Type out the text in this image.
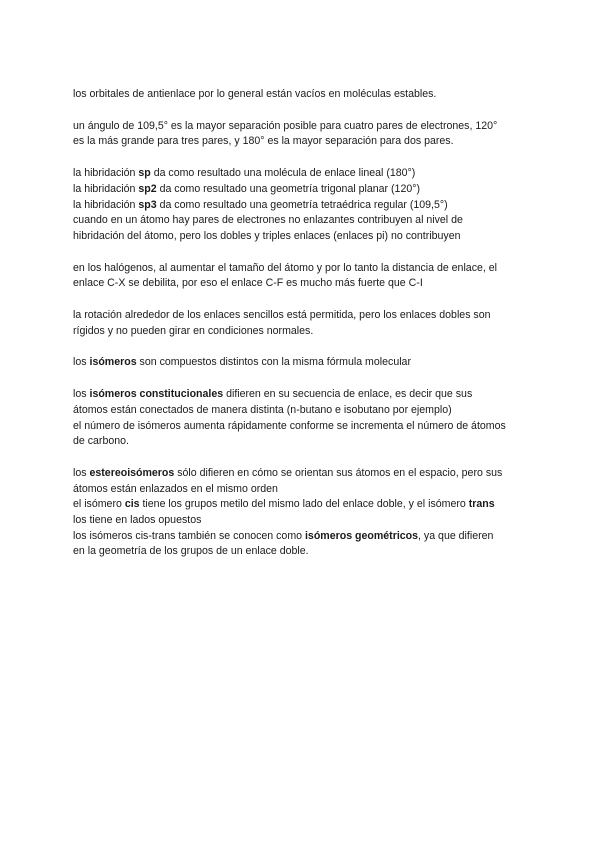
los orbitales de antienlace por lo general están vacíos en moléculas estables.

un ángulo de 109,5° es la mayor separación posible para cuatro pares de electrones, 120°
es la más grande para tres pares, y 180° es la mayor separación para dos pares.

la hibridación sp da como resultado una molécula de enlace lineal (180°)
la hibridación sp2 da como resultado una geometría trigonal planar (120°)
la hibridación sp3 da como resultado una geometría tetraédrica regular (109,5°)
cuando en un átomo hay pares de electrones no enlazantes contribuyen al nivel de
hibridación del átomo, pero los dobles y triples enlaces (enlaces pi) no contribuyen

en los halógenos, al aumentar el tamaño del átomo y por lo tanto la distancia de enlace, el
enlace C-X se debilita, por eso el enlace C-F es mucho más fuerte que C-I

la rotación alrededor de los enlaces sencillos está permitida, pero los enlaces dobles son
rígidos y no pueden girar en condiciones normales.

los isómeros son compuestos distintos con la misma fórmula molecular

los isómeros constitucionales difieren en su secuencia de enlace, es decir que sus
átomos están conectados de manera distinta (n-butano e isobutano por ejemplo)
el número de isómeros aumenta rápidamente conforme se incrementa el número de átomos
de carbono.

los estereoisómeros sólo difieren en cómo se orientan sus átomos en el espacio, pero sus
átomos están enlazados en el mismo orden
el isómero cis tiene los grupos metilo del mismo lado del enlace doble, y el isómero trans
los tiene en lados opuestos
los isómeros cis-trans también se conocen como isómeros geométricos, ya que difieren
en la geometría de los grupos de un enlace doble.
